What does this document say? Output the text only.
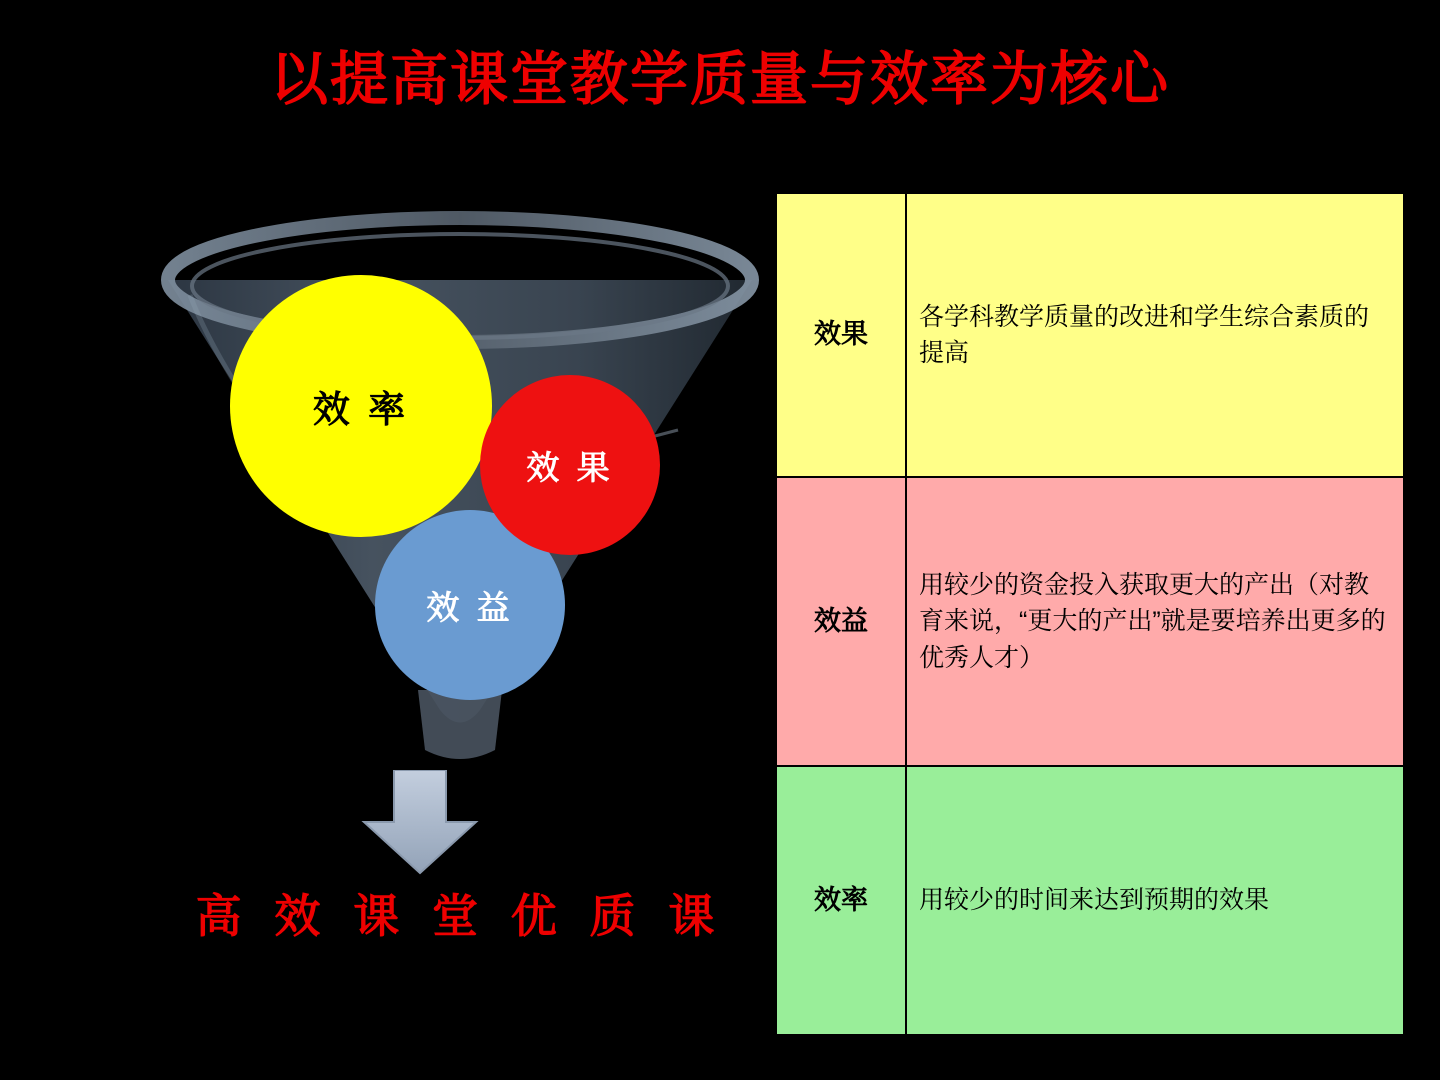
以提高课堂教学质量与效率为核心
效 率
效 果
效 益
高 效 课 堂 优 质 课
效果	各学科教学质量的改进和学生综合素质的提高
效益	用较少的资金投入获取更大的产出（对教育来说，“更大的产出”就是要培养出更多的优秀人才）
效率	用较少的时间来达到预期的效果
